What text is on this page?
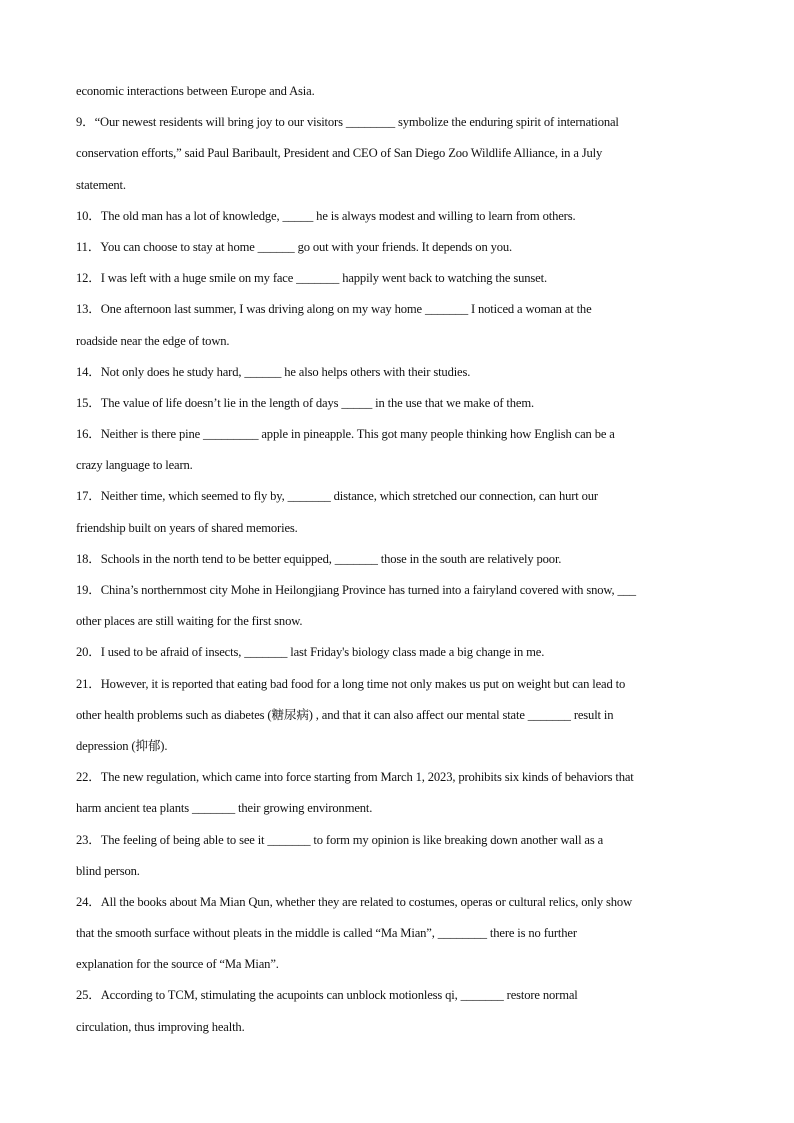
economic interactions between Europe and Asia.
9．“Our newest residents will bring joy to our visitors ________ symbolize the enduring spirit of international
conservation efforts,” said Paul Baribault, President and CEO of San Diego Zoo Wildlife Alliance, in a July
statement.
10．The old man has a lot of knowledge, _____ he is always modest and willing to learn from others.
11．You can choose to stay at home ______ go out with your friends. It depends on you.
12．I was left with a huge smile on my face _______ happily went back to watching the sunset.
13．One afternoon last summer, I was driving along on my way home _______ I noticed a woman at the
roadside near the edge of town.
14．Not only does he study hard, ______ he also helps others with their studies.
15．The value of life doesn’t lie in the length of days _____ in the use that we make of them.
16．Neither is there pine _________ apple in pineapple. This got many people thinking how English can be a
crazy language to learn.
17．Neither time, which seemed to fly by, _______ distance, which stretched our connection, can hurt our
friendship built on years of shared memories.
18．Schools in the north tend to be better equipped, _______ those in the south are relatively poor.
19．China’s northernmost city Mohe in Heilongjiang Province has turned into a fairyland covered with snow, ___
other places are still waiting for the first snow.
20．I used to be afraid of insects, _______ last Friday's biology class made a big change in me.
21．However, it is reported that eating bad food for a long time not only makes us put on weight but can lead to
other health problems such as diabetes (糖尿病) , and that it can also affect our mental state _______ result in
depression (抑郁).
22．The new regulation, which came into force starting from March 1, 2023, prohibits six kinds of behaviors that
harm ancient tea plants _______ their growing environment.
23．The feeling of being able to see it _______ to form my opinion is like breaking down another wall as a
blind person.
24．All the books about Ma Mian Qun, whether they are related to costumes, operas or cultural relics, only show
that the smooth surface without pleats in the middle is called “Ma Mian”, ________ there is no further
explanation for the source of “Ma Mian”.
25．According to TCM, stimulating the acupoints can unblock motionless qi, _______ restore normal
circulation, thus improving health.
